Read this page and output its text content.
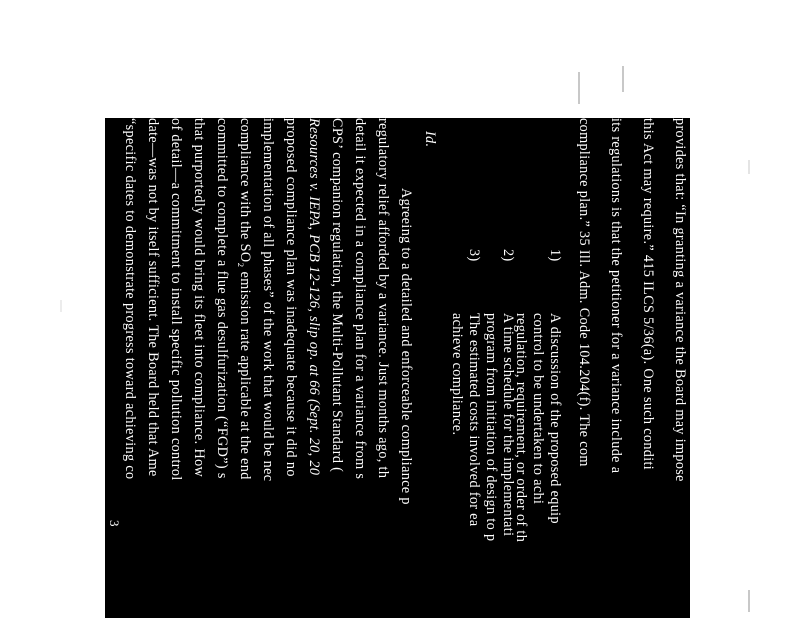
provides that: “In granting a variance the Board may impose
this Act may require.” 415 ILCS 5/36(a). One such conditi
its regulations is that the petitioner for a variance include a
compliance plan.” 35 Ill. Adm. Code 104.204(f). The com
1)
A discussion of the proposed equip
control to be undertaken to achi
regulation, requirement, or order of th
2)
A time schedule for the implementati
program from initiation of design to p
3)
The estimated costs involved for ea
achieve compliance.
Id.
Agreeing to a detailed and enforceable compliance p
regulatory relief afforded by a variance. Just months ago, th
detail it expected in a compliance plan for a variance from s
CPS’ companion regulation, the Multi-Pollutant Standard (
Resources v. IEPA, PCB 12-126, slip op. at 66 (Sept. 20, 20
proposed compliance plan was inadequate because it did no
implementation of all phases” of the work that would be nec
compliance with the SO₂ emission rate applicable at the end
committed to complete a flue gas desulfurization (“FGD”) s
that purportedly would bring its fleet into compliance. How
of detail—a commitment to install specific pollution control
date—was not by itself sufficient. The Board held that Ame
“specific dates to demonstrate progress toward achieving co
3
